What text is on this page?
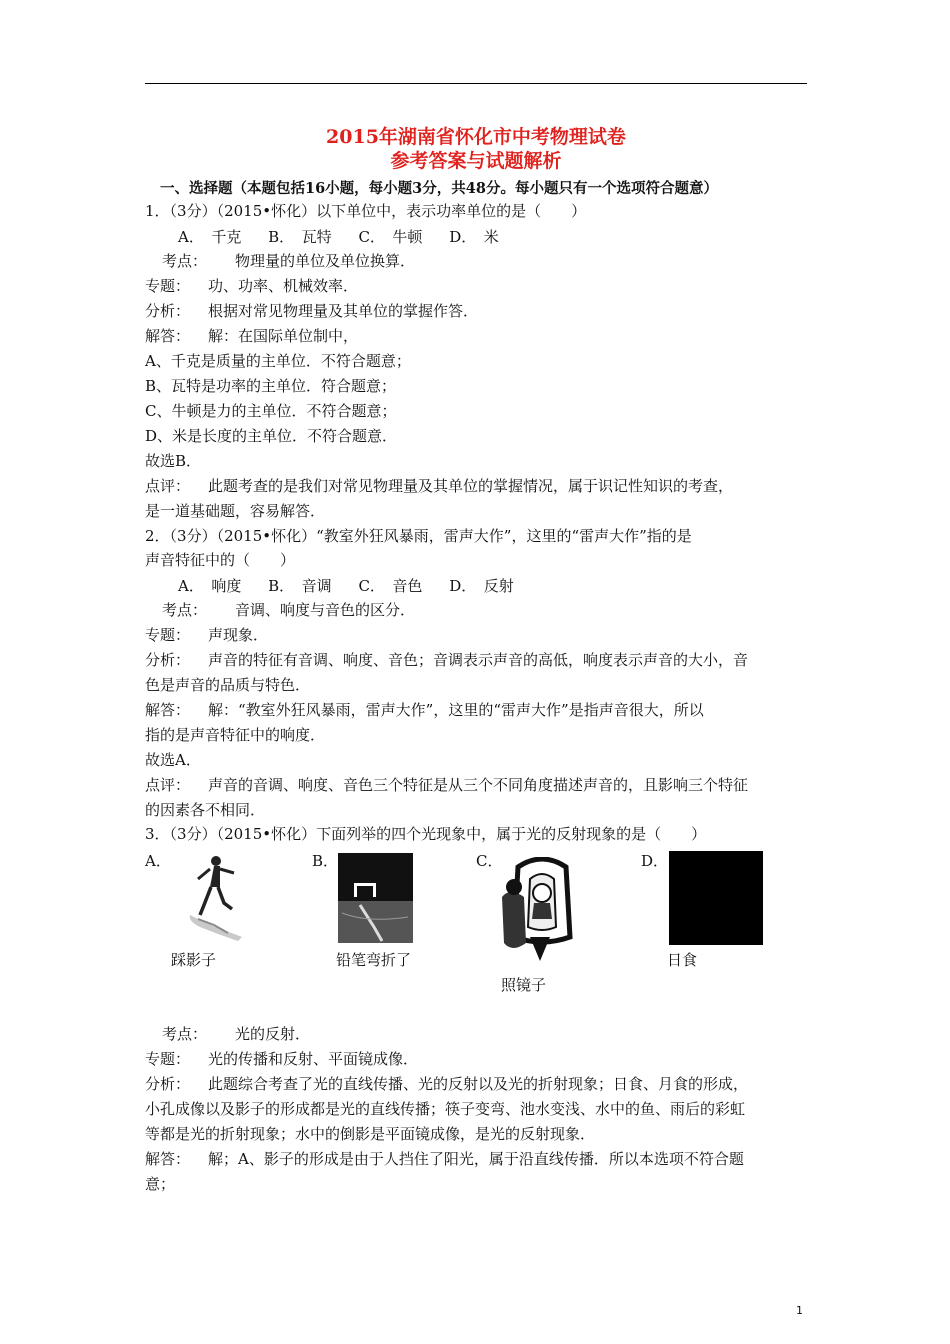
2015年湖南省怀化市中考物理试卷
参考答案与试题解析
一、选择题（本题包括16小题，每小题3分，共48分。每小题只有一个选项符合题意）
1．（3分）（2015•怀化）以下单位中，表示功率单位的是（　　）
A．　千克 B．　瓦特 C．　牛顿 D．　米
考点： 物理量的单位及单位换算．
专题： 功、功率、机械效率．
分析： 根据对常见物理量及其单位的掌握作答．
解答： 解：在国际单位制中，
A、千克是质量的主单位．不符合题意；
B、瓦特是功率的主单位．符合题意；
C、牛顿是力的主单位．不符合题意；
D、米是长度的主单位．不符合题意．
故选B．
点评： 此题考查的是我们对常见物理量及其单位的掌握情况，属于识记性知识的考查，
是一道基础题，容易解答．
2．（3分）（2015•怀化）“教室外狂风暴雨，雷声大作”，这里的“雷声大作”指的是
声音特征中的（　　）
A．　响度 B．　音调 C．　音色 D．　反射
考点： 音调、响度与音色的区分．
专题： 声现象．
分析： 声音的特征有音调、响度、音色；音调表示声音的高低，响度表示声音的大小，音
色是声音的品质与特色．
解答： 解：“教室外狂风暴雨，雷声大作”，这里的“雷声大作”是指声音很大，所以
指的是声音特征中的响度．
故选A．
点评： 声音的音调、响度、音色三个特征是从三个不同角度描述声音的，且影响三个特征
的因素各不相同．
3．（3分）（2015•怀化）下面列举的四个光现象中，属于光的反射现象的是（　　）
A．	B．	C．	D．
踩影子	铅笔弯折了
照镜子
日食
考点： 光的反射．
专题： 光的传播和反射、平面镜成像．
分析： 此题综合考查了光的直线传播、光的反射以及光的折射现象；日食、月食的形成，
小孔成像以及影子的形成都是光的直线传播；筷子变弯、池水变浅、水中的鱼、雨后的彩虹
等都是光的折射现象；水中的倒影是平面镜成像，是光的反射现象．
解答： 解；A、影子的形成是由于人挡住了阳光，属于沿直线传播．所以本选项不符合题
意；
1
